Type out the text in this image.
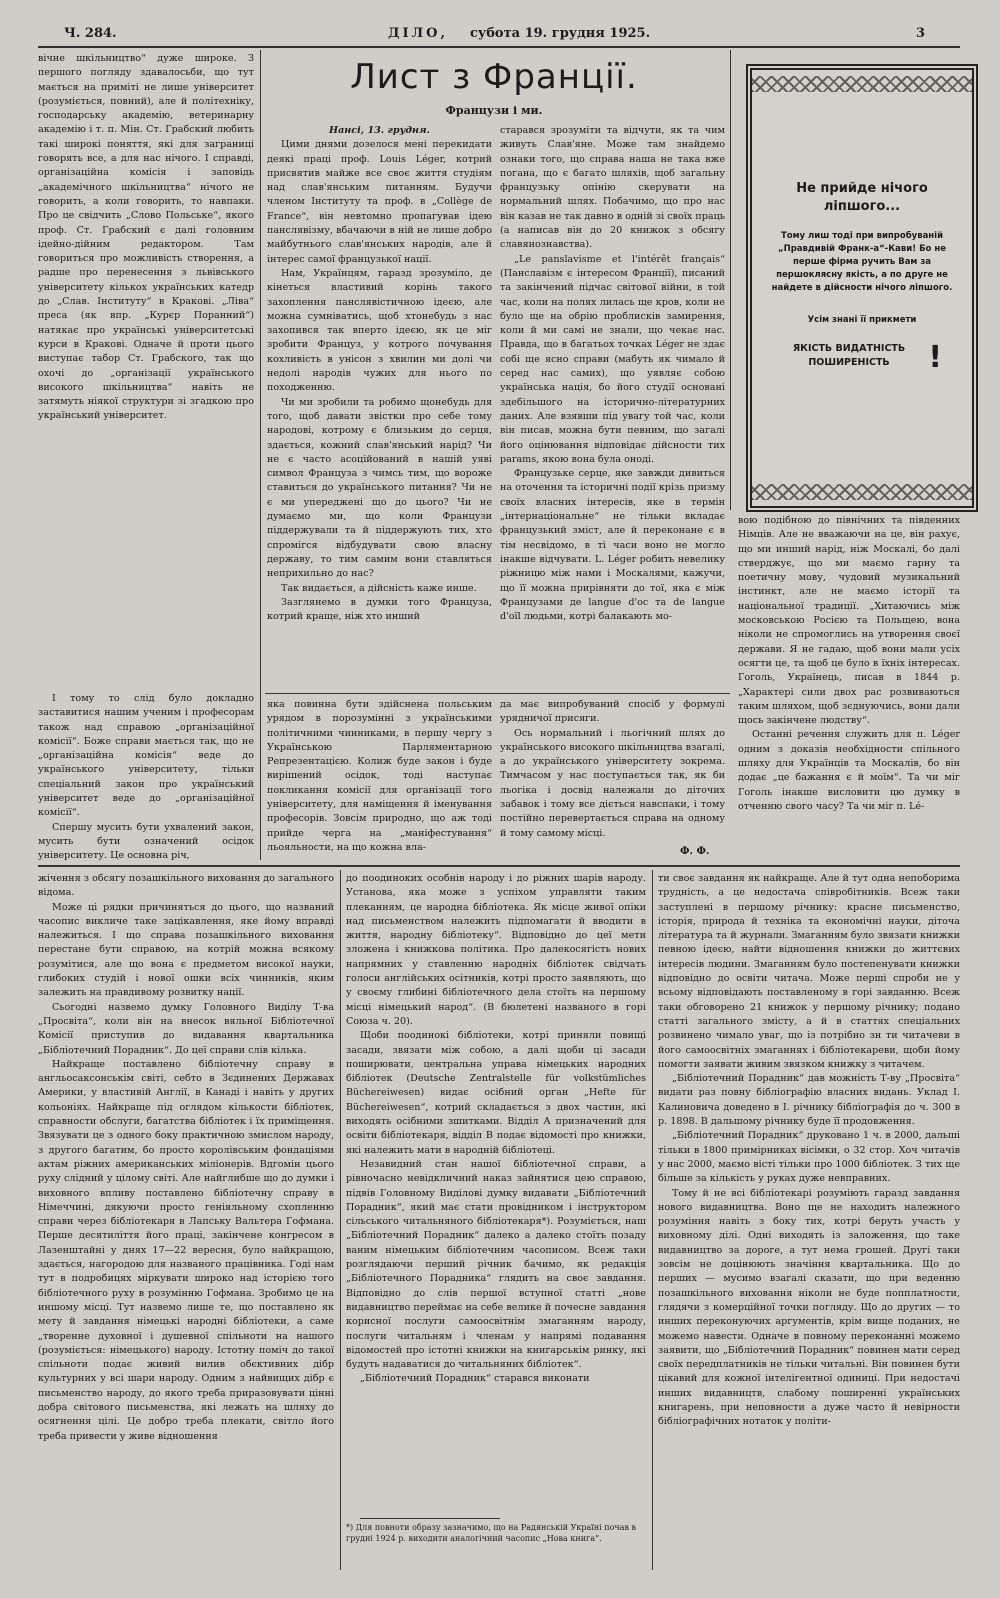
Ч. 284.	ДІЛО, субота 19. грудня 1925.	3

вічне шкільництво“ дуже широке. З першого погляду здавалосьби, що тут мається на приміті не лише університет (розуміється, повний), але й політехніку, господарську академію, ветеринарну академію і т. п. Мін. Ст. Грабский любить такі широкі поняття, які для заграниці говорять все, а для нас нічого. І справді, організаційна комісія і заповідь „академічного шкільництва“ нічого не говорить, а коли говорить, то навпаки. Про це свідчить „Слово Польське“, якого проф. Ст. Грабский є далі головним ідейно-дійним редактором. Там говориться про можливість створення, а радше про перенесення з львівського університету кількох українських катедр до „Слав. Інституту“ в Кракові. „Ліва“ преса (як впр. „Курєр Поранний“) натякає про українські університетські курси в Кракові. Одначе й проти цього виступає табор Ст. Грабского, так що охочі до „організації українського високого шкільництва“ навіть не затямуть ніякої структури зі згадкою про український університет.

І тому то слід було докладно заставитися нашим ученим і професорам також над справою „організаційної комісії“. Боже справи мається так, що не „організаційна комісія“ веде до українського університету, тільки спеціальний закон про український університет веде до „організаційної комісії“.

Спершу мусить бути ухвалений закон, мусить бути означений осідок університету. Це основна річ,

Лист з Франції.
Французи і ми.
Нансі, 13. грудня.

Цими днями дозелося мені перекидати деякі праці проф. Louis Léger, котрий присвятив майже все своє життя студіям над слав'янським питанням. Будучи членом Інституту та проф. в „Collège de France“, він невтомно пропагував ідею панслявізму, вбачаючи в ній не лише добро майбутнього слав'янських народів, але й інтерес самої французької нації.

Нам, Українцям, гаразд зрозуміло, де кінеться властивий корінь такого захоплення панслявістичною ідеєю, але можна сумніватись, щоб хтонебудь з нас захопився так вперто ідеєю, як це міг зробити Француз, у котрого почування кохливість в унісон з хвилин ми долі чи недолі народів чужих для нього по походженню.

Чи ми зробили та робимо щонебудь для того, щоб давати звістки про себе тому народові, котрому є близьким до серця, здається, кожний слав'янський нарід? Чи не є часто асоційований в нашій уяві символ Француза з чимсь тим, що вороже ставиться до українського питання? Чи не є ми упереджені що до цього? Чи не думаємо ми, що коли Французи піддержували та й піддержують тих, хто спромігся відбудувати свою власну державу, то тим самим вони ставляться неприхильно до нас?

Так видається, а дійсність каже инше.

Зазглянемо в думки того Француза, котрий краще, ніж хто инший

старався зрозуміти та відчути, як та чим живуть Слав'яне. Може там знайдемо ознаки того, що справа наша не така вже погана, що є багато шляхів, щоб загальну французьку опінію скерувати на нормальний шлях. Побачимо, що про нас він казав не так давно в одній зі своїх праць (а написав він до 20 книжок з обсягу славянознавства).

„Le panslavisme et l'intérêt français“ (Панславізм є інтересом Франції), писаний та закінчений підчас світової війни, в той час, коли на полях лилась ще кров, коли не було ще на обрію проблисків замирення, коли й ми самі не знали, що чекає нас. Правда, що в багатьох точках Léger не здає собі ще ясно справи (мабуть як чимало й серед нас самих), що уявляє собою українська нація, бо його студії основані здебільшого на історично-літературних даних. Але взявши під увагу той час, коли він писав, можна бути певним, що загалі його оцінювання відповідає дійсности тих params, якою вона була оноді.

Французьке серце, яке завжди дивиться на оточення та історичні події крізь призму своїх власних інтересів, яке в термін „інтернаціональне“ не тільки вкладає французький зміст, але й переконане є в тім несвідомо, в ті часи воно не могло інакше відчувати. L. Léger робить невелику ріжницю між нами і Москалями, кажучи, що її можна прирівняти до тої, яка є між Французами де langue d'oc та de langue d'oïl людьми, котрі балакають мо-

яка повинна бути здійснена польським урядом в порозумінні з українськими політичними чинниками, в першу чергу з Українською Парляментарною Репрезентацією. Колиж буде закон і буде вирішений осідок, тоді наступає покликання комісії для організації того університету, для наміщення й іменування професорів. Зовсім природно, що аж тоді прийде черга на „маніфестування“ льояльности, на що кожна вла-

да має випробуваний спосіб у формулі урядничої присяги.

Ось нормальний і льогічний шлях до українського високого шкільництва взагалі, а до українського університету зокрема. Тимчасом у нас поступається так, як би льогіка і досвід належали до діточих забавок і тому все діється навспаки, і тому постійно перевертається справа на одному й тому самому місці.

Ф. Ф.
Не прийде нічого ліпшого...
Тому лиш тоді при випробуваній „Правдивій Франк-а“-Кави! Бо не перше фірма ручить Вам за першоклясну якість, а по друге не найдете в дійсности нічого ліпшого.
Усім знані її прикмети
ЯКІСТЬ ВИДАТНІСТЬ ПОШИРЕНІСТЬ	!

вою подібною до північних та південних Німців. Але не вважаючи на це, він рахує, що ми инший нарід, ніж Москалі, бо далі стверджує, що ми маємо гарну та поетичну мову, чудовий музикальний інстинкт, але не маємо історії та національної традиції. „Хитаючись між московською Росією та Польщею, вона ніколи не спромоглись на утворення своєї держави. Я не гадаю, щоб вони мали усіх осягти це, та щоб це було в їхніх інтересах. Гоголь, Українець, писав в 1844 р. „Характері сили двох рас розвиваються таким шляхом, щоб зєднуючись, вони дали щось закінчене людству“.

Останні речення служить для п. Léger одним з доказів необхідности спільного шляху для Українців та Москалів, бо він додає „це бажання є й моїм“. Та чи міг Гоголь інакше висловити цю думку в отченню свого часу? Та чи міг п. Lé-

жічення з обсягу позашкільного виховання до загального відома.

Може ці рядки причиняться до цього, що названий часопис викличе таке зацікавлення, яке йому вправді належиться. І що справа позашкільного виховання перестане бути справою, на котрій можна всякому розумітися, але що вона є предметом високої науки, глибоких студій і нової ошки всіх чинників, яким залежить на правдивому розвитку нації.

Сьогодні назвемо думку Головного Виділу Т-ва „Просвіта“, коли він на внесок вяльної Бібліотечної Комісії приступив до видавання квартальника „Бібліотечний Порадник“. До цеї справи слів кілька.

Найкраще поставлено бібліотечну справу в англьосаксонськім світі, себто в Зєдинених Державах Америки, у властивій Англії, в Канаді і навіть у других кольоніях. Найкраще під оглядом кількости бібліотек, справности обслуги, багатства бібліотек і їх приміщення. Звязувати це з одного боку практичною змислом народу, з другого багатим, бо просто королівським фондаціями актам ріжних американських міліонерів. Вдгомін цього руху слідний у цілому світі. Але найглибше що до думки і виховного впливу поставлено бібліотечну справу в Німеччині, дякуючи просто генiяльному схопленню справи через бібліотекаря в Лапську Вальтера Гофмана. Перше десятиліття його праці, закінчене конгресом в Лазенштайні у днях 17—22 вересня, було найкращою, здається, нагородою для названого працівника. Годі нам тут в подробицях міркувати широко над історією того бібліотечного руху в розумінню Гофмана. Зробимо це на иншому місці. Тут назвемо лише те, що поставлено як мету й завдання німецькі народні бібліотеки, а саме „творенне духовної і душевної спільноти на нашого (розуміється: німецького) народу. Істотну поміч до такої спільноти подає живий вилив обєктивних дібр культурних у всі шари народу. Одним з найвищих дібр є письменство народу, до якого треба приразовувати цінні добра світового письменства, які лежать на шляху до осягнення цілі. Це добро треба плекати, світло його треба привести у живе відношення

до поодиноких особнів народу і до ріжних шарів народу. Установа, яка може з успіхом управляти таким плеканням, це народна бібліотека. Як місце живої опіки над письменством належить підпомагати й вводити в життя, народну бібліотеку“. Відповідно до цеї мети зложена і книжкова політика. Про далекосягість нових напрямних у ставленню народніх бібліотек свідчать голоси англійських осітників, котрі просто заявляють, що у своєму глибині бібліотечного дела стоїть на першому місці німецький народ“. (В бюлетені названого в горі Союза ч. 20).

Щоби поодинокі бібліотеки, котрі приняли повищі засади, звязати між собою, а далі щоби ці засади поширювати, центральна управа німецьких народних бібліотек (Deutsche Zentralstelle für volkstümliches Büchereiwesen) видає осібний орган „Hefte für Büchereiwesen“, котрий складається з двох частин, які виходять осібними зшитками. Відділ А призначений для освіти бібліотекаря, відділ В подає відомості про книжки, які належить мати в народній бібліотеці.

Незавидний стан нашої бібліотечної справи, а рівночасно невідкличний наказ зайнятися цею справою, підвів Головному Виділові думку видавати „Бібліотечний Порадник“, який має стати провідником і інструктором сільського читальняного бібліотекаря*). Розуміється, наш „Бібліотечний Порадник“ далеко а далеко стоїть позаду ваним німецьким бібліотечним часописом. Всеж таки розглядаючи перший річник бачимо, як редакція „Бібліотечного Порадника“ глядить на своє завдання. Відповідно до слів першої вступної статті „нове видавництво переймає на себе велике й почесне завдання корисної послуги самоосвітнім змаганням народу, послуги читальням і членам у напрямі подавання відомостей про істотні книжки на книгарськім ринку, які будуть надаватися до читальняних бібліотек“.

„Бібліотечний Порадник“ старався виконати

*) Для повноти образу зазначимо, що на Радянській Україні почав в грудні 1924 р. виходити аналогічний часопис „Нова книга“.

ти своє завдання як найкраще. Але й тут одна непоборима трудність, а це недостача співробітників. Всеж таки заступлені в першому річнику: красне письменство, історія, природа й техніка та економічні науки, діточа література та й журнали. Змаганням було звязати книжки певною ідеєю, найти відношення книжки до життєвих інтересів людини. Змаганням було постепенувати книжки відповідно до освіти читача. Може перші спроби не у всьому відповідають поставленому в горі завданню. Всеж таки обговорено 21 книжок у першому річнику; подано статті загального змісту, а й в статтях спеціальних розвинено чимало уваг, що із потрібно зн ти читачеви в його самоосвітніх змаганнях і бібліотекареви, щоби йому помогти заявати живим звязком книжку з читачем.

„Бібліотечний Порадник“ дав можність Т-ву „Просвіта“ видати раз повну бібліографію власних видань. Уклад І. Калиновича доведено в І. річнику бібліографія до ч. 300 в р. 1898. В дальшому річнику буде її продовження.

„Бібліотечний Порадник“ друковано 1 ч. в 2000, дальші тільки в 1800 примірниках вісімки, о 32 стор. Хоч читачів у нас 2000, маємо вісті тільки про 1000 бібліотек. З тих ще більше за кількість у руках дуже невправних.

Тому й не всі бібліотекарі розуміють гаразд завдання нового видавництва. Воно ще не находить належного розуміння навіть з боку тих, котрі беруть участь у виховному ділі. Одні виходять із заложення, що таке видавництво за дороге, а тут нема грошей. Другі таки зовсім не доцінюють значіння квартальника. Що до перших — мусимо взагалі сказати, що при веденню позашкільного виховання ніколи не буде попплатности, глядячи з комерційної точки погляду. Що до других — то инших переконуючих аргументів, крім вище поданих, не можемо навести. Одначе в повному переконанні можемо заявити, що „Бібліотечний Порадник“ повинен мати серед своїх передплатників не тільки читальні. Він повинен бути цікавий для кожної інтелігентної одиниці. При недостачі инших видавництв, слабому поширенні українських книгарень, при неповности а дуже часто й невірности бібліографічних нотаток у політи-
